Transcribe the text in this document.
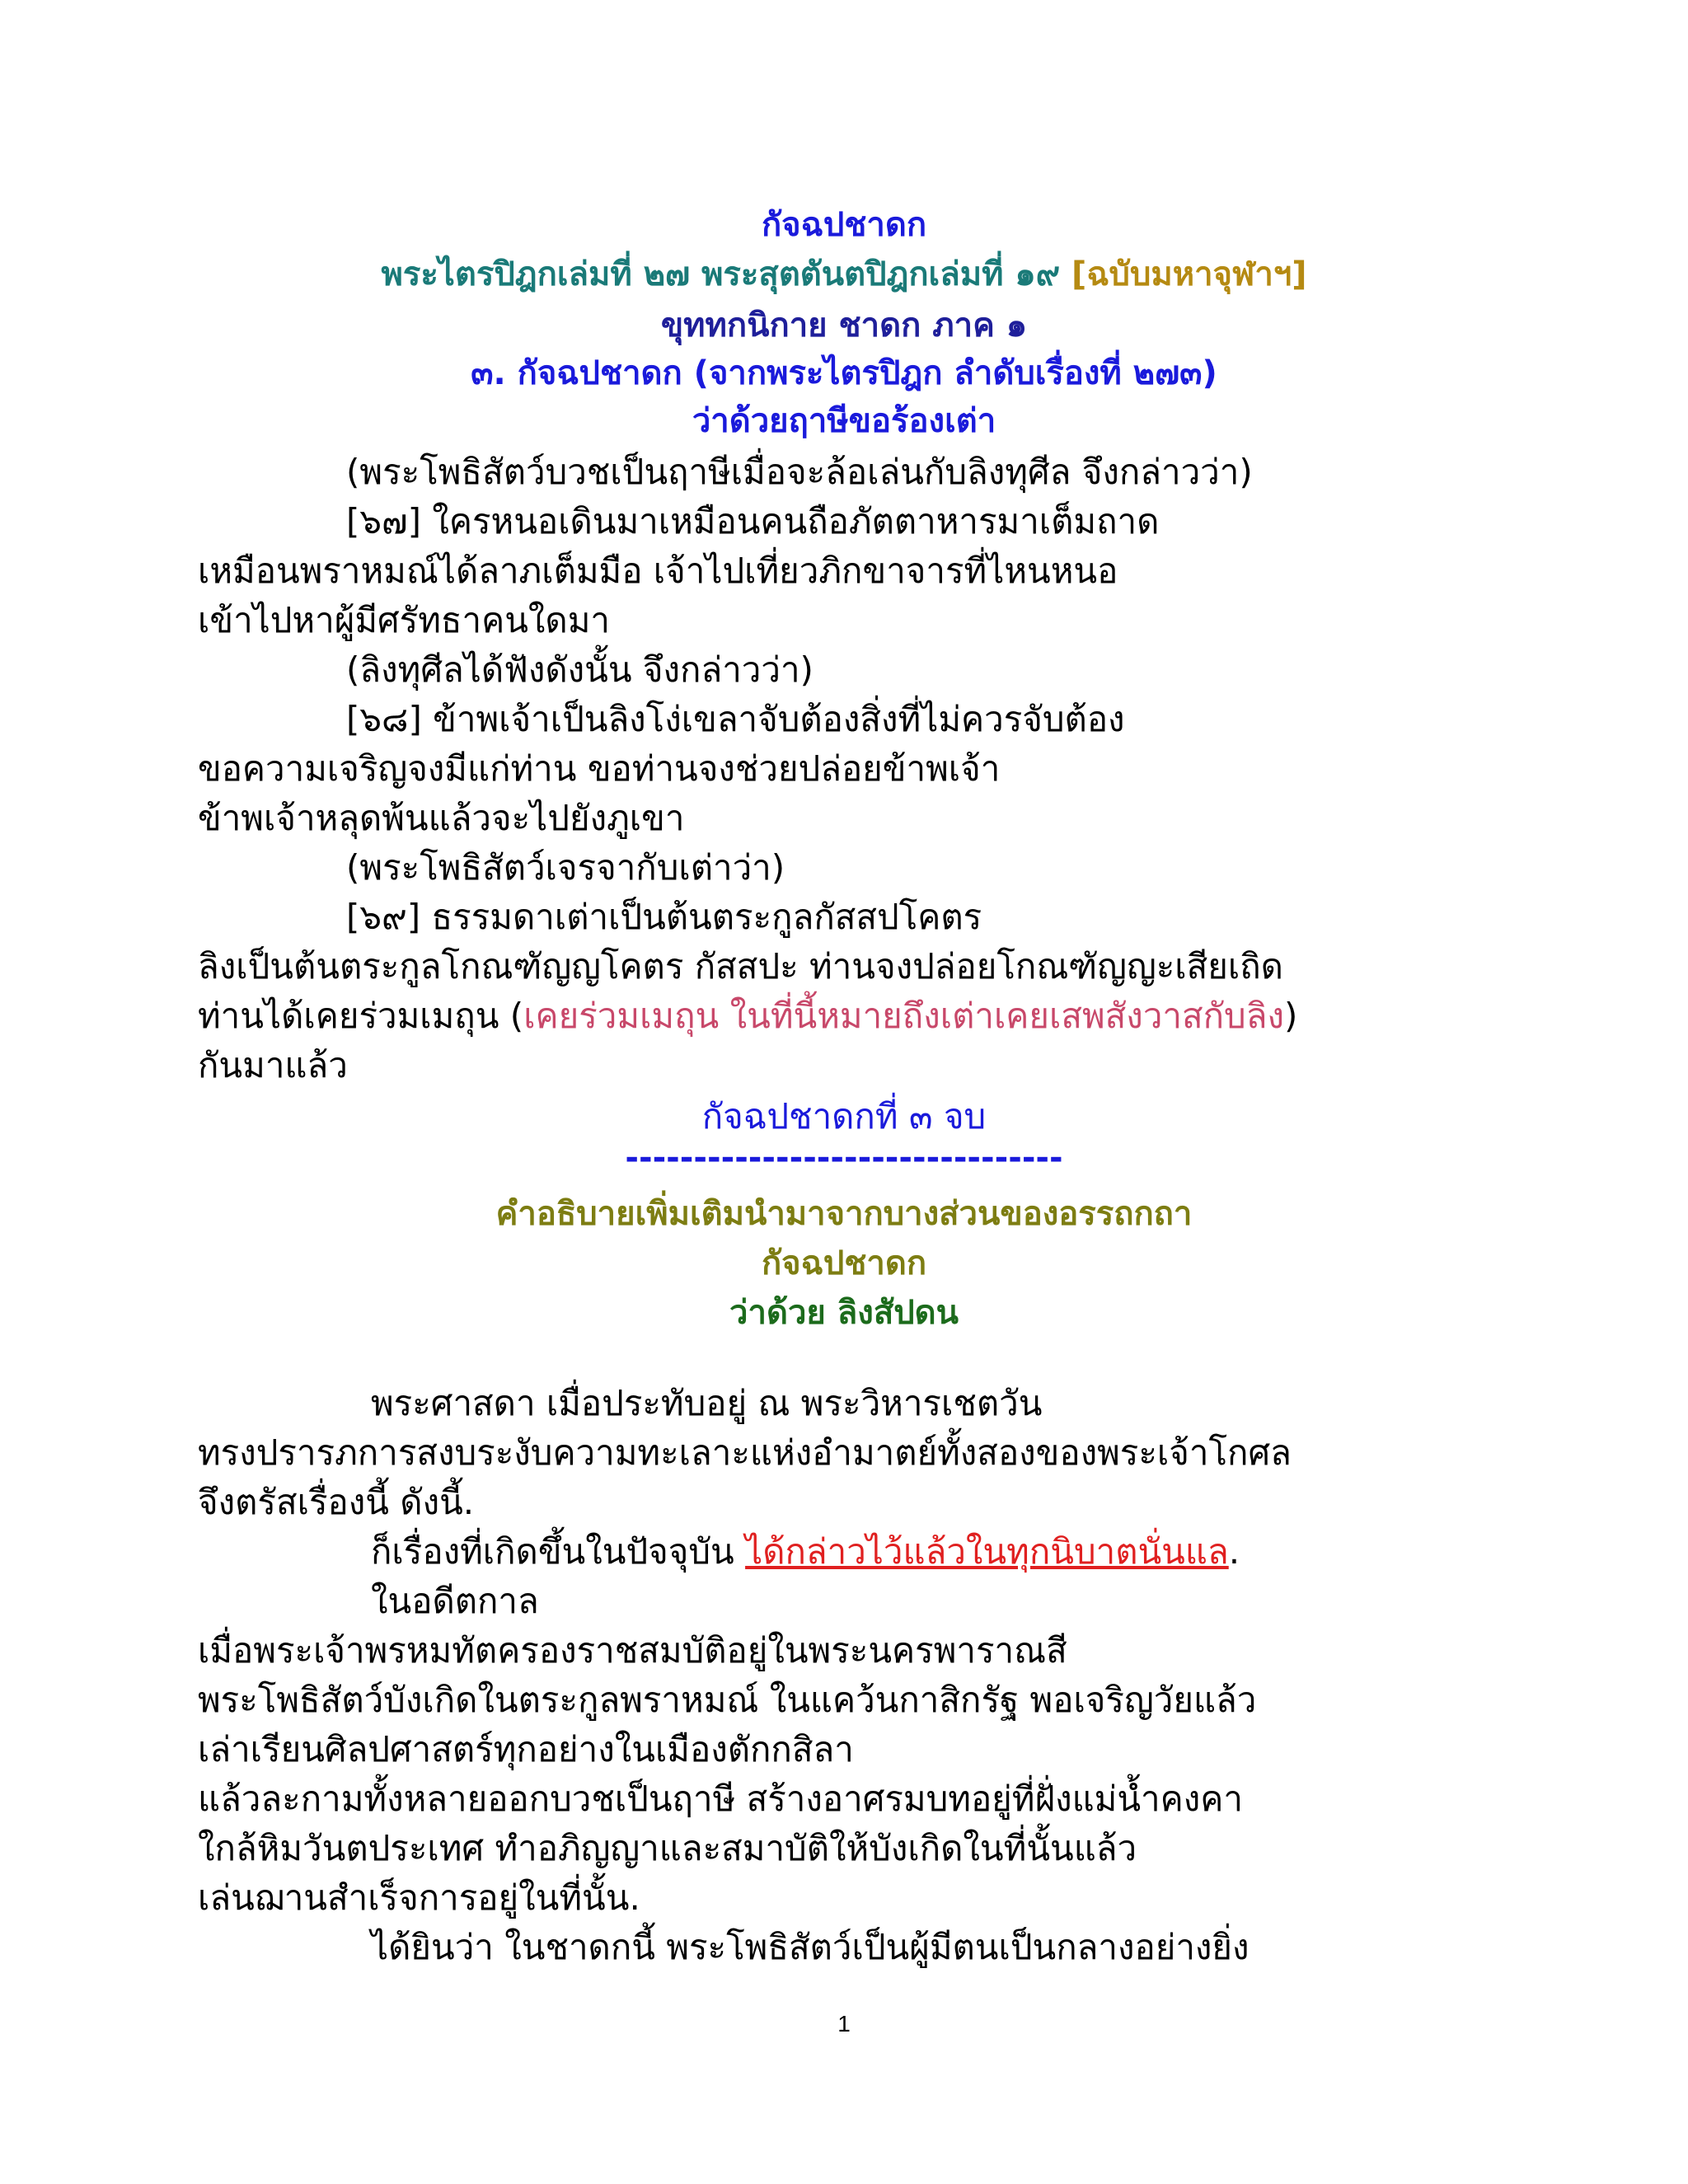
กัจฉปชาดก
พระไตรปิฎกเล่มที่ ๒๗ พระสุตตันตปิฎกเล่มที่ ๑๙ [ฉบับมหาจุฬาฯ]
ขุททกนิกาย ชาดก ภาค ๑
๓. กัจฉปชาดก (จากพระไตรปิฎก ลำดับเรื่องที่ ๒๗๓)
ว่าด้วยฤาษีขอร้องเต่า
(พระโพธิสัตว์บวชเป็นฤาษีเมื่อจะล้อเล่นกับลิงทุศีล จึงกล่าวว่า)
[๖๗] ใครหนอเดินมาเหมือนคนถือภัตตาหารมาเต็มถาด
เหมือนพราหมณ์ได้ลาภเต็มมือ เจ้าไปเที่ยวภิกขาจารที่ไหนหนอ
เข้าไปหาผู้มีศรัทธาคนใดมา
(ลิงทุศีลได้ฟังดังนั้น จึงกล่าวว่า)
[๖๘] ข้าพเจ้าเป็นลิงโง่เขลาจับต้องสิ่งที่ไม่ควรจับต้อง
ขอความเจริญจงมีแก่ท่าน ขอท่านจงช่วยปล่อยข้าพเจ้า
ข้าพเจ้าหลุดพ้นแล้วจะไปยังภูเขา
(พระโพธิสัตว์เจรจากับเต่าว่า)
[๖๙] ธรรมดาเต่าเป็นต้นตระกูลกัสสปโคตร
ลิงเป็นต้นตระกูลโกณฑัญญโคตร กัสสปะ ท่านจงปล่อยโกณฑัญญะเสียเถิด
ท่านได้เคยร่วมเมถุน (เคยร่วมเมถุน ในที่นี้หมายถึงเต่าเคยเสพสังวาสกับลิง)
กันมาแล้ว
กัจฉปชาดกที่ ๓ จบ
--------------------------------
คำอธิบายเพิ่มเติมนำมาจากบางส่วนของอรรถกถา
กัจฉปชาดก
ว่าด้วย ลิงสัปดน
พระศาสดา เมื่อประทับอยู่ ณ พระวิหารเชตวัน
ทรงปรารภการสงบระงับความทะเลาะแห่งอำมาตย์ทั้งสองของพระเจ้าโกศล
จึงตรัสเรื่องนี้ ดังนี้.
ก็เรื่องที่เกิดขึ้นในปัจจุบัน ได้กล่าวไว้แล้วในทุกนิบาตนั่นแล.
ในอดีตกาล
เมื่อพระเจ้าพรหมทัตครองราชสมบัติอยู่ในพระนครพาราณสี
พระโพธิสัตว์บังเกิดในตระกูลพราหมณ์ ในแคว้นกาสิกรัฐ พอเจริญวัยแล้ว
เล่าเรียนศิลปศาสตร์ทุกอย่างในเมืองตักกสิลา
แล้วละกามทั้งหลายออกบวชเป็นฤาษี สร้างอาศรมบทอยู่ที่ฝั่งแม่น้ำคงคา
ใกล้หิมวันตประเทศ ทำอภิญญาและสมาบัติให้บังเกิดในที่นั้นแล้ว
เล่นฌานสำเร็จการอยู่ในที่นั้น.
ได้ยินว่า ในชาดกนี้ พระโพธิสัตว์เป็นผู้มีตนเป็นกลางอย่างยิ่ง
1
